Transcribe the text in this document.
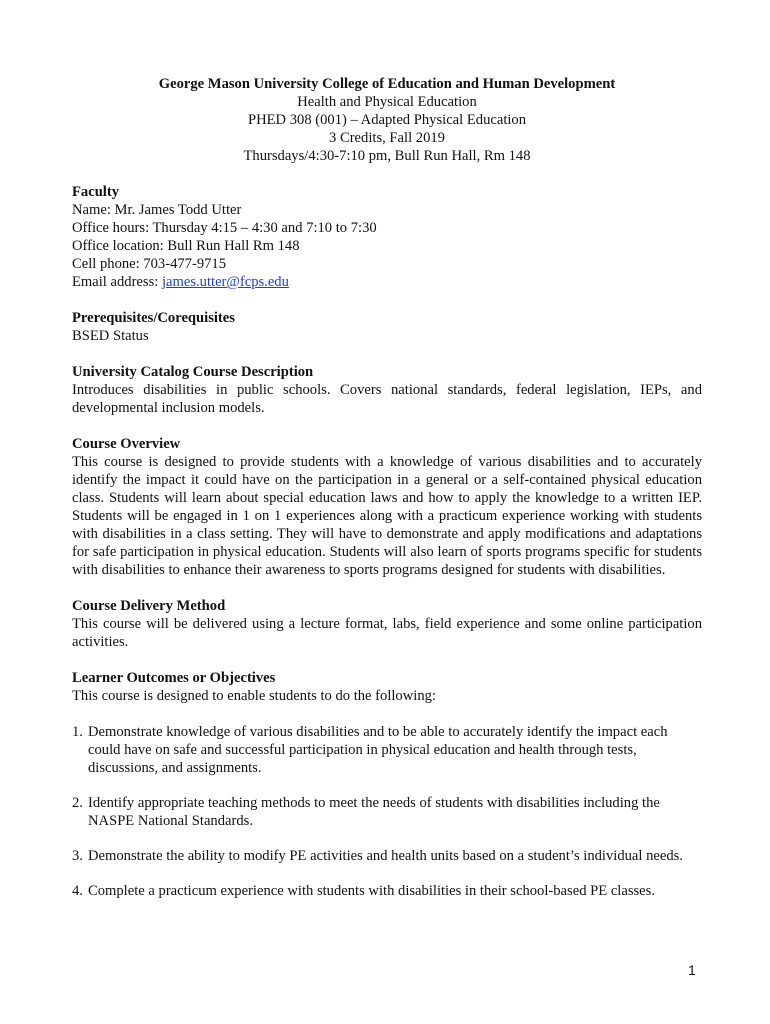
George Mason University College of Education and Human Development
Health and Physical Education
PHED 308 (001) – Adapted Physical Education
3 Credits, Fall 2019
Thursdays/4:30-7:10 pm, Bull Run Hall, Rm 148
Faculty
Name: Mr. James Todd Utter
Office hours: Thursday 4:15 – 4:30 and 7:10 to 7:30
Office location: Bull Run Hall Rm 148
Cell phone: 703-477-9715
Email address: james.utter@fcps.edu
Prerequisites/Corequisites
BSED Status
University Catalog Course Description
Introduces disabilities in public schools. Covers national standards, federal legislation, IEPs, and developmental inclusion models.
Course Overview
This course is designed to provide students with a knowledge of various disabilities and to accurately identify the impact it could have on the participation in a general or a self-contained physical education class. Students will learn about special education laws and how to apply the knowledge to a written IEP. Students will be engaged in 1 on 1 experiences along with a practicum experience working with students with disabilities in a class setting. They will have to demonstrate and apply modifications and adaptations for safe participation in physical education. Students will also learn of sports programs specific for students with disabilities to enhance their awareness to sports programs designed for students with disabilities.
Course Delivery Method
This course will be delivered using a lecture format, labs, field experience and some online participation activities.
Learner Outcomes or Objectives
This course is designed to enable students to do the following:
1. Demonstrate knowledge of various disabilities and to be able to accurately identify the impact each could have on safe and successful participation in physical education and health through tests, discussions, and assignments.
2. Identify appropriate teaching methods to meet the needs of students with disabilities including the NASPE National Standards.
3. Demonstrate the ability to modify PE activities and health units based on a student’s individual needs.
4. Complete a practicum experience with students with disabilities in their school-based PE classes.
1
